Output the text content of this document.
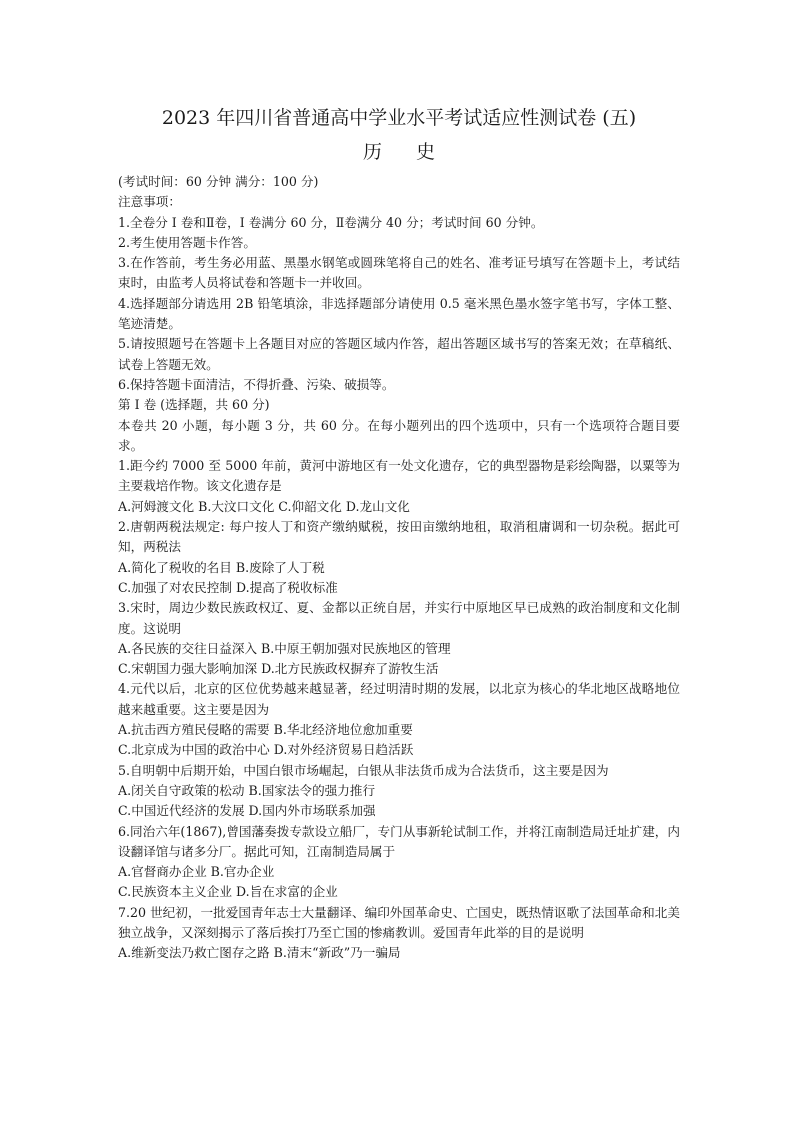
2023 年四川省普通高中学业水平考试适应性测试卷 (五)
历 史

(考试时间：60 分钟 满分：100 分)

注意事项：

1.全卷分 I 卷和Ⅱ卷，I 卷满分 60 分，Ⅱ卷满分 40 分；考试时间 60 分钟。

2.考生使用答题卡作答。

3.在作答前，考生务必用蓝、黑墨水钢笔或圆珠笔将自己的姓名、准考证号填写在答题卡上，考试结束时，由监考人员将试卷和答题卡一并收回。

4.选择题部分请选用 2B 铅笔填涂，非选择题部分请使用 0.5 毫米黑色墨水签字笔书写，字体工整、笔迹清楚。

5.请按照题号在答题卡上各题目对应的答题区域内作答，超出答题区域书写的答案无效；在草稿纸、试卷上答题无效。

6.保持答题卡面清洁，不得折叠、污染、破损等。

第 I 卷 (选择题，共 60 分)

本卷共 20 小题，每小题 3 分，共 60 分。在每小题列出的四个选项中，只有一个选项符合题目要求。

1.距今约 7000 至 5000 年前，黄河中游地区有一处文化遗存，它的典型器物是彩绘陶器，以粟等为主要栽培作物。该文化遗存是

A.河姆渡文化 B.大汶口文化 C.仰韶文化 D.龙山文化

2.唐朝两税法规定: 每户按人丁和资产缴纳赋税，按田亩缴纳地租，取消租庸调和一切杂税。据此可知，两税法

A.简化了税收的名目 B.废除了人丁税

C.加强了对农民控制 D.提高了税收标准

3.宋时，周边少数民族政权辽、夏、金都以正统自居，并实行中原地区早已成熟的政治制度和文化制度。这说明

A.各民族的交往日益深入 B.中原王朝加强对民族地区的管理

C.宋朝国力强大影响加深 D.北方民族政权摒弃了游牧生活

4.元代以后，北京的区位优势越来越显著，经过明清时期的发展，以北京为核心的华北地区战略地位越来越重要。这主要是因为

A.抗击西方殖民侵略的需要 B.华北经济地位愈加重要

C.北京成为中国的政治中心 D.对外经济贸易日趋活跃

5.自明朝中后期开始，中国白银市场崛起，白银从非法货币成为合法货币，这主要是因为

A.闭关自守政策的松动 B.国家法令的强力推行

C.中国近代经济的发展 D.国内外市场联系加强

6.同治六年(1867),曾国藩奏拨专款设立船厂，专门从事新轮试制工作，并将江南制造局迁址扩建，内设翻译馆与诸多分厂。据此可知，江南制造局属于

A.官督商办企业 B.官办企业

C.民族资本主义企业 D.旨在求富的企业

7.20 世纪初，一批爱国青年志士大量翻译、编印外国革命史、亡国史，既热情讴歌了法国革命和北美独立战争，又深刻揭示了落后挨打乃至亡国的惨痛教训。爱国青年此举的目的是说明

A.维新变法乃救亡图存之路 B.清末“新政”乃一骗局
